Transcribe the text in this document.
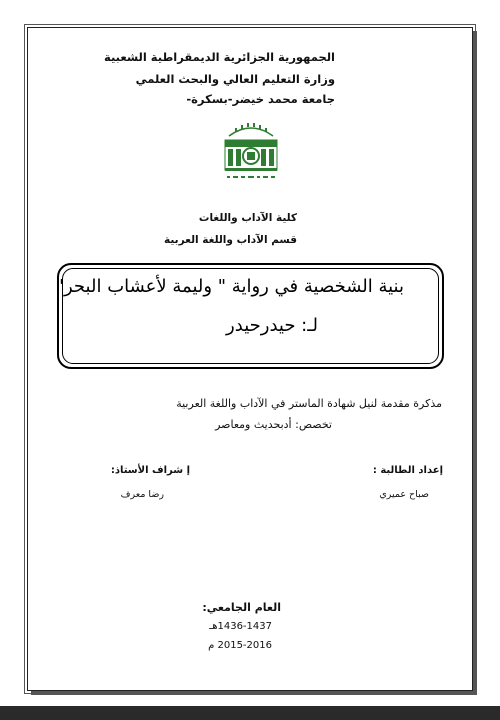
الجمهورية الجزائرية الديمقراطية الشعبية
وزارة التعليم العالي والبحث العلمي
جامعة محمد خيضر-بسكرة-
كلية الآداب واللغات
قسم الآداب واللغة العربية
بنية الشخصية في رواية " وليمة لأعشاب البحر"
لـ: حيدرحيدر
مذكرة مقدمة لنيل شهادة الماستر في الآداب واللغة العربية
تخصص: أدبحديث ومعاصر
إعداد الطالبة :
صباح عميري
إ شراف الأستاذ:
رضا معرف
العام الجامعي:
1436-1437هـ
2015-2016 م
